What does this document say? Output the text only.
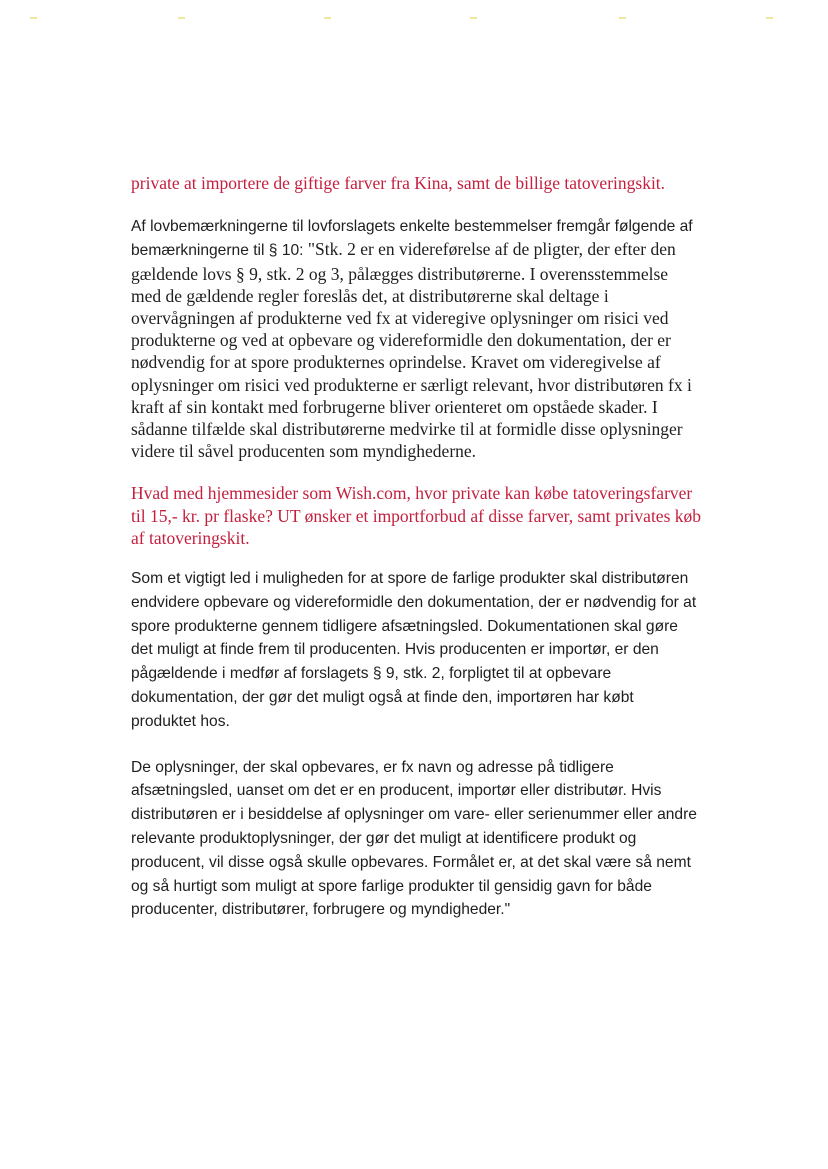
private at importere de giftige farver fra Kina, samt de billige tatoveringskit.

Af lovbemærkningerne til lovforslagets enkelte bestemmelser fremgår følgende af bemærkningerne til § 10: "Stk. 2 er en videreførelse af de pligter, der efter den gældende lovs § 9, stk. 2 og 3, pålægges distributørerne. I overensstemmelse med de gældende regler foreslås det, at distributørerne skal deltage i overvågningen af produkterne ved fx at videregive oplysninger om risici ved produkterne og ved at opbevare og videreformidle den dokumentation, der er nødvendig for at spore produkternes oprindelse. Kravet om videregivelse af oplysninger om risici ved produkterne er særligt relevant, hvor distributøren fx i kraft af sin kontakt med forbrugerne bliver orienteret om opståede skader. I sådanne tilfælde skal distributørerne medvirke til at formidle disse oplysninger videre til såvel producenten som myndighederne.

Hvad med hjemmesider som Wish.com, hvor private kan købe tatoveringsfarver til 15,- kr. pr flaske? UT ønsker et importforbud af disse farver, samt privates køb af tatoveringskit.

Som et vigtigt led i muligheden for at spore de farlige produkter skal distributøren endvidere opbevare og videreformidle den dokumentation, der er nødvendig for at spore produkterne gennem tidligere afsætningsled. Dokumentationen skal gøre det muligt at finde frem til producenten. Hvis producenten er importør, er den pågældende i medfør af forslagets § 9, stk. 2, forpligtet til at opbevare dokumentation, der gør det muligt også at finde den, importøren har købt produktet hos.

De oplysninger, der skal opbevares, er fx navn og adresse på tidligere afsætningsled, uanset om det er en producent, importør eller distributør. Hvis distributøren er i besiddelse af oplysninger om vare- eller serienummer eller andre relevante produktoplysninger, der gør det muligt at identificere produkt og producent, vil disse også skulle opbevares. Formålet er, at det skal være så nemt og så hurtigt som muligt at spore farlige produkter til gensidig gavn for både producenter, distributører, forbrugere og myndigheder."
